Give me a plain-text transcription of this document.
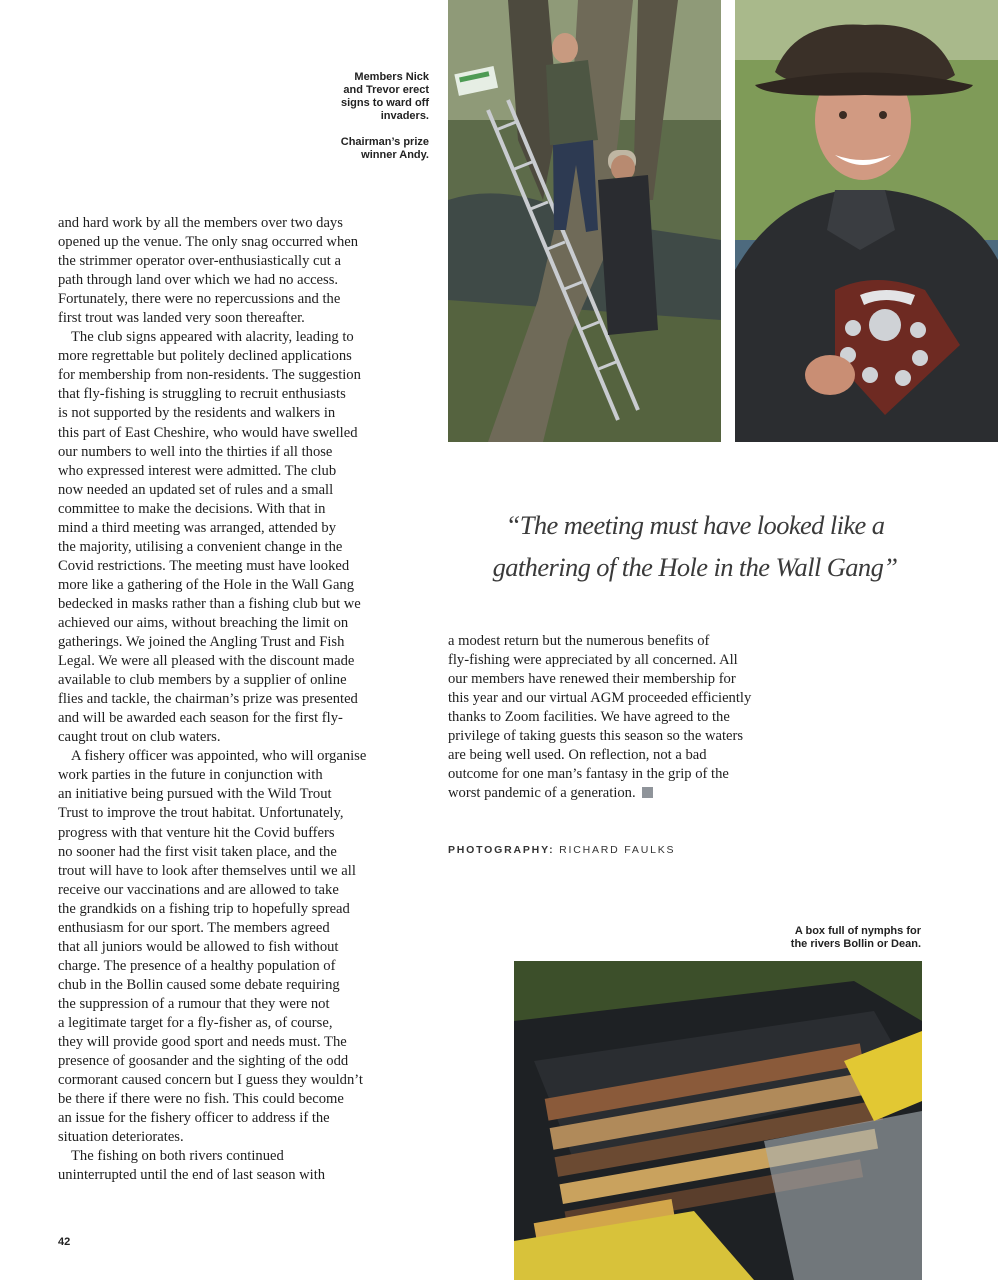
Members Nick
and Trevor erect
signs to ward off
invaders.

Chairman’s prize
winner Andy.

and hard work by all the members over two days
opened up the venue. The only snag occurred when
the strimmer operator over-enthusiastically cut a
path through land over which we had no access.
Fortunately, there were no repercussions and the
first trout was landed very soon thereafter.

The club signs appeared with alacrity, leading to
more regrettable but politely declined applications
for membership from non-residents. The suggestion
that fly-fishing is struggling to recruit enthusiasts
is not supported by the residents and walkers in
this part of East Cheshire, who would have swelled
our numbers to well into the thirties if all those
who expressed interest were admitted. The club
now needed an updated set of rules and a small
committee to make the decisions. With that in
mind a third meeting was arranged, attended by
the majority, utilising a convenient change in the
Covid restrictions. The meeting must have looked
more like a gathering of the Hole in the Wall Gang
bedecked in masks rather than a fishing club but we
achieved our aims, without breaching the limit on
gatherings. We joined the Angling Trust and Fish
Legal. We were all pleased with the discount made
available to club members by a supplier of online
flies and tackle, the chairman’s prize was presented
and will be awarded each season for the first fly-
caught trout on club waters.

A fishery officer was appointed, who will organise
work parties in the future in conjunction with
an initiative being pursued with the Wild Trout
Trust to improve the trout habitat. Unfortunately,
progress with that venture hit the Covid buffers
no sooner had the first visit taken place, and the
trout will have to look after themselves until we all
receive our vaccinations and are allowed to take
the grandkids on a fishing trip to hopefully spread
enthusiasm for our sport. The members agreed
that all juniors would be allowed to fish without
charge. The presence of a healthy population of
chub in the Bollin caused some debate requiring
the suppression of a rumour that they were not
a legitimate target for a fly-fisher as, of course,
they will provide good sport and needs must. The
presence of goosander and the sighting of the odd
cormorant caused concern but I guess they wouldn’t
be there if there were no fish. This could become
an issue for the fishery officer to address if the
situation deteriorates.

The fishing on both rivers continued
uninterrupted until the end of last season with

“The meeting must have looked like a
gathering of the Hole in the Wall Gang”

a modest return but the numerous benefits of
fly-fishing were appreciated by all concerned. All
our members have renewed their membership for
this year and our virtual AGM proceeded efficiently
thanks to Zoom facilities. We have agreed to the
privilege of taking guests this season so the waters
are being well used. On reflection, not a bad
outcome for one man’s fantasy in the grip of the
worst pandemic of a generation.

PHOTOGRAPHY: RICHARD FAULKS

A box full of nymphs for
the rivers Bollin or Dean.

42
